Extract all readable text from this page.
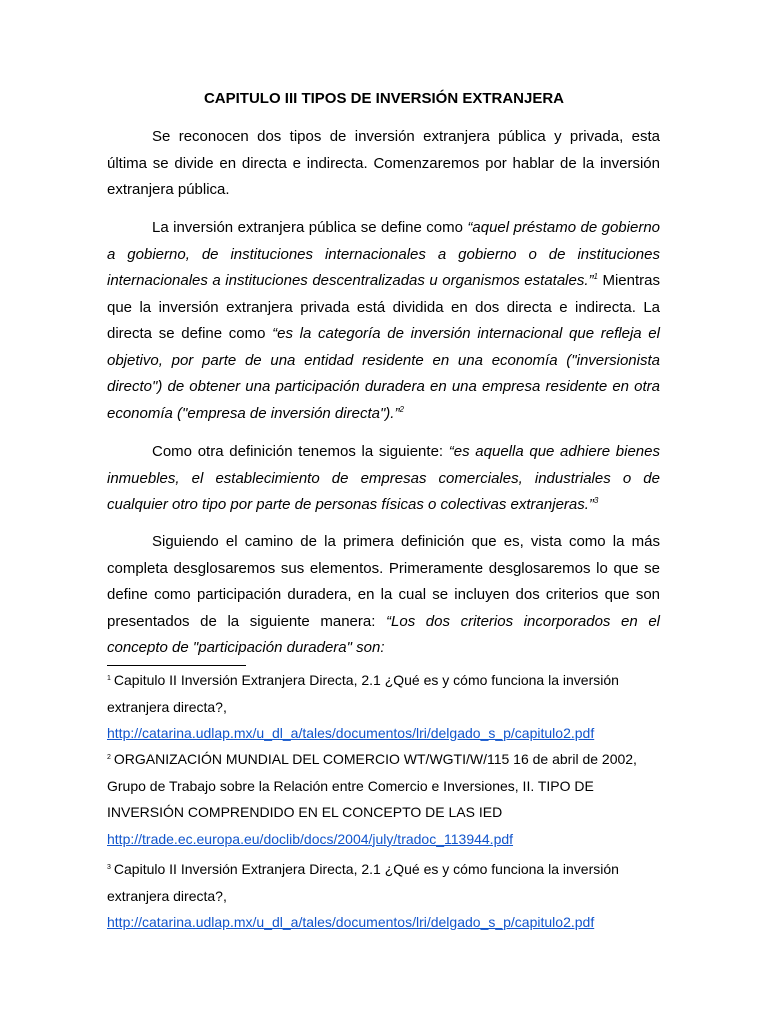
CAPITULO III TIPOS DE INVERSIÓN EXTRANJERA

Se reconocen dos tipos de inversión extranjera pública y privada, esta última se divide en directa e indirecta. Comenzaremos por hablar de la inversión extranjera pública.

La inversión extranjera pública se define como “aquel préstamo de gobierno a gobierno, de instituciones internacionales a gobierno o de instituciones internacionales a instituciones descentralizadas u organismos estatales.”$^1$ Mientras que la inversión extranjera privada está dividida en dos directa e indirecta. La directa se define como “es la categoría de inversión internacional que refleja el objetivo, por parte de una entidad residente en una economía ("inversionista directo") de obtener una participación duradera en una empresa residente en otra economía ("empresa de inversión directa").”$^2$

Como otra definición tenemos la siguiente: “es aquella que adhiere bienes inmuebles, el establecimiento de empresas comerciales, industriales o de cualquier otro tipo por parte de personas físicas o colectivas extranjeras.”$^3$

Siguiendo el camino de la primera definición que es, vista como la más completa desglosaremos sus elementos. Primeramente desglosaremos lo que se define como participación duradera, en la cual se incluyen dos criterios que son presentados de la siguiente manera: “Los dos criterios incorporados en el concepto de "participación duradera" son:

$^1$ Capitulo II Inversión Extranjera Directa, 2.1 ¿Qué es y cómo funciona la inversión extranjera directa?,
http://catarina.udlap.mx/u_dl_a/tales/documentos/lri/delgado_s_p/capitulo2.pdf

$^2$ ORGANIZACIÓN MUNDIAL DEL COMERCIO WT/WGTI/W/115 16 de abril de 2002, Grupo de Trabajo sobre la Relación entre Comercio e Inversiones, II. TIPO DE INVERSIÓN COMPRENDIDO EN EL CONCEPTO DE LAS IED
http://trade.ec.europa.eu/doclib/docs/2004/july/tradoc_113944.pdf

$^3$ Capitulo II Inversión Extranjera Directa, 2.1 ¿Qué es y cómo funciona la inversión extranjera directa?,
http://catarina.udlap.mx/u_dl_a/tales/documentos/lri/delgado_s_p/capitulo2.pdf
